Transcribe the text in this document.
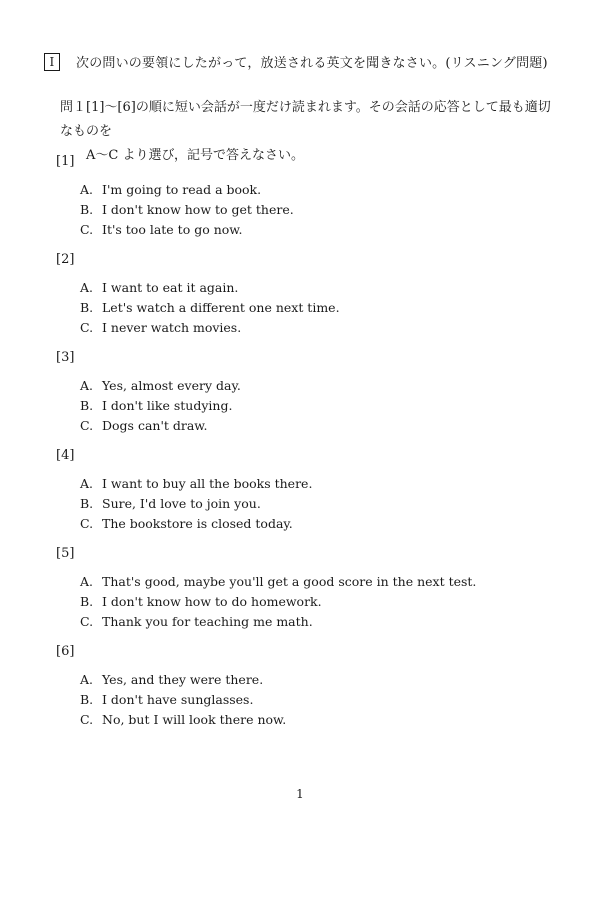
I	次の問いの要領にしたがって，放送される英文を聞きなさい。(リスニング問題)
問１[1]〜[6]の順に短い会話が一度だけ読まれます。その会話の応答として最も適切なものを
A〜C より選び，記号で答えなさい。
[1]
A. I'm going to read a book.
B. I don't know how to get there.
C. It's too late to go now.
[2]
A. I want to eat it again.
B. Let's watch a different one next time.
C. I never watch movies.
[3]
A. Yes, almost every day.
B. I don't like studying.
C. Dogs can't draw.
[4]
A. I want to buy all the books there.
B. Sure, I'd love to join you.
C. The bookstore is closed today.
[5]
A. That's good, maybe you'll get a good score in the next test.
B. I don't know how to do homework.
C. Thank you for teaching me math.
[6]
A. Yes, and they were there.
B. I don't have sunglasses.
C. No, but I will look there now.
1
